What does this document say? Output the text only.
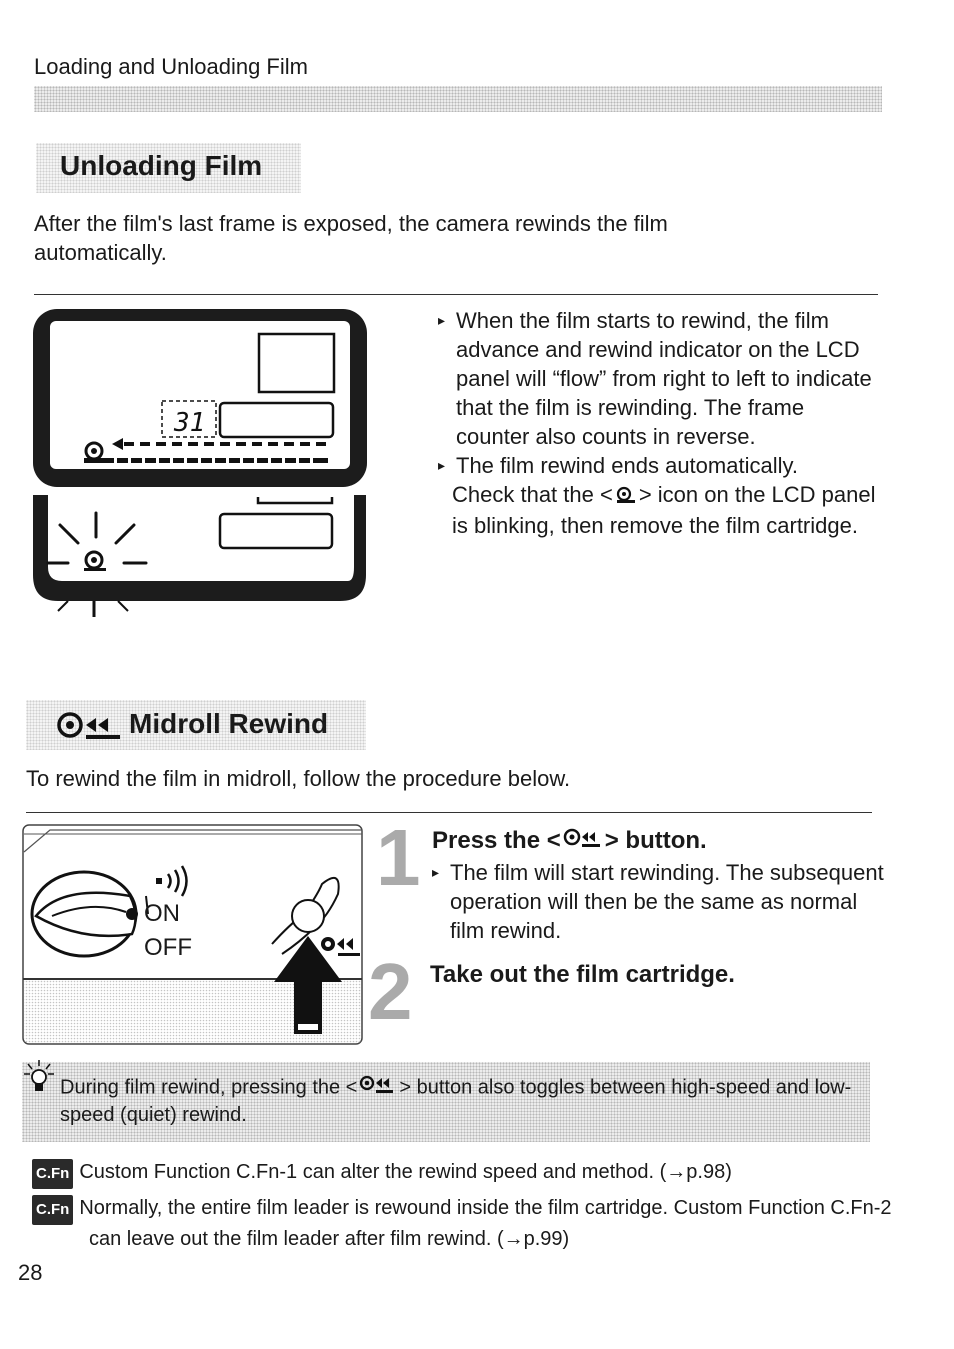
Loading and Unloading Film
Unloading Film
After the film's last frame is exposed, the camera rewinds the film automatically.
31
▸ When the film starts to rewind, the film advance and rewind indicator on the LCD panel will “flow” from right to left to indicate that the film is rewinding. The frame counter also counts in reverse.
▸ The film rewind ends automatically.
Check that the < > icon on the LCD panel is blinking, then remove the film cartridge.
Midroll Rewind
To rewind the film in midroll, follow the procedure below.
ON
OFF
1
2
Press the < > button.
▸ The film will start rewinding. The subsequent operation will then be the same as normal film rewind.
Take out the film cartridge.
During film rewind, pressing the < > button also toggles between high-speed and low-speed (quiet) rewind.
C.Fn Custom Function C.Fn-1 can alter the rewind speed and method. (→p.98)
C.Fn Normally, the entire film leader is rewound inside the film cartridge. Custom Function C.Fn-2 can leave out the film leader after film rewind. (→p.99)
28
